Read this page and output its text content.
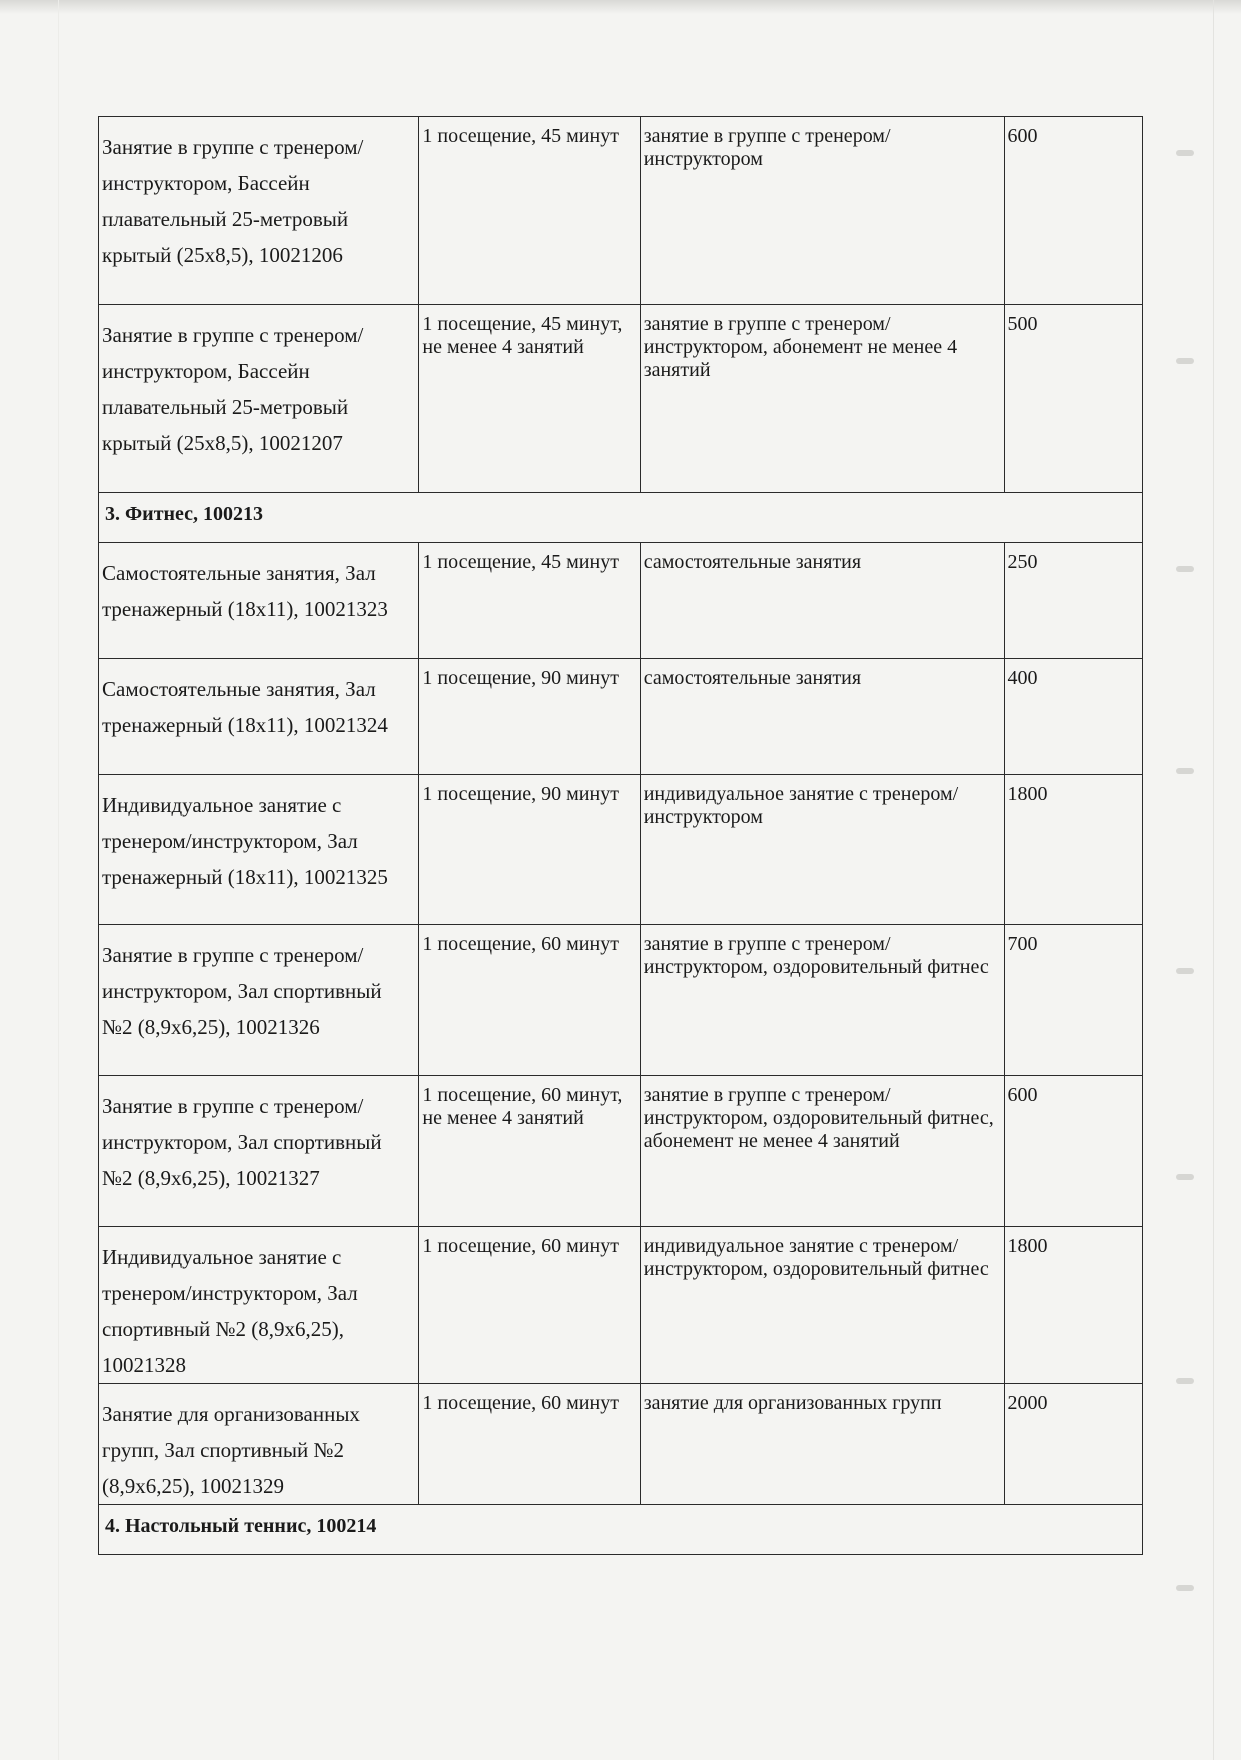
Занятие в группе с тренером/инструктором, Бассейн плавательный 25-метровый крытый (25х8,5), 10021206	1 посещение, 45 минут	занятие в группе с тренером/инструктором	600
Занятие в группе с тренером/инструктором, Бассейн плавательный 25-метровый крытый (25х8,5), 10021207	1 посещение, 45 минут, не менее 4 занятий	занятие в группе с тренером/инструктором, абонемент не менее 4 занятий	500
3. Фитнес, 100213			
Самостоятельные занятия, Зал тренажерный (18х11), 10021323	1 посещение, 45 минут	самостоятельные занятия	250
Самостоятельные занятия, Зал тренажерный (18х11), 10021324	1 посещение, 90 минут	самостоятельные занятия	400
Индивидуальное занятие с тренером/инструктором, Зал тренажерный (18х11), 10021325	1 посещение, 90 минут	индивидуальное занятие с тренером/инструктором	1800
Занятие в группе с тренером/инструктором, Зал спортивный №2 (8,9х6,25), 10021326	1 посещение, 60 минут	занятие в группе с тренером/инструктором, оздоровительный фитнес	700
Занятие в группе с тренером/инструктором, Зал спортивный №2 (8,9х6,25), 10021327	1 посещение, 60 минут, не менее 4 занятий	занятие в группе с тренером/инструктором, оздоровительный фитнес, абонемент не менее 4 занятий	600
Индивидуальное занятие с тренером/инструктором, Зал спортивный №2 (8,9х6,25), 10021328	1 посещение, 60 минут	индивидуальное занятие с тренером/инструктором, оздоровительный фитнес	1800
Занятие для организованных групп, Зал спортивный №2 (8,9х6,25), 10021329	1 посещение, 60 минут	занятие для организованных групп	2000
4. Настольный теннис, 100214			
